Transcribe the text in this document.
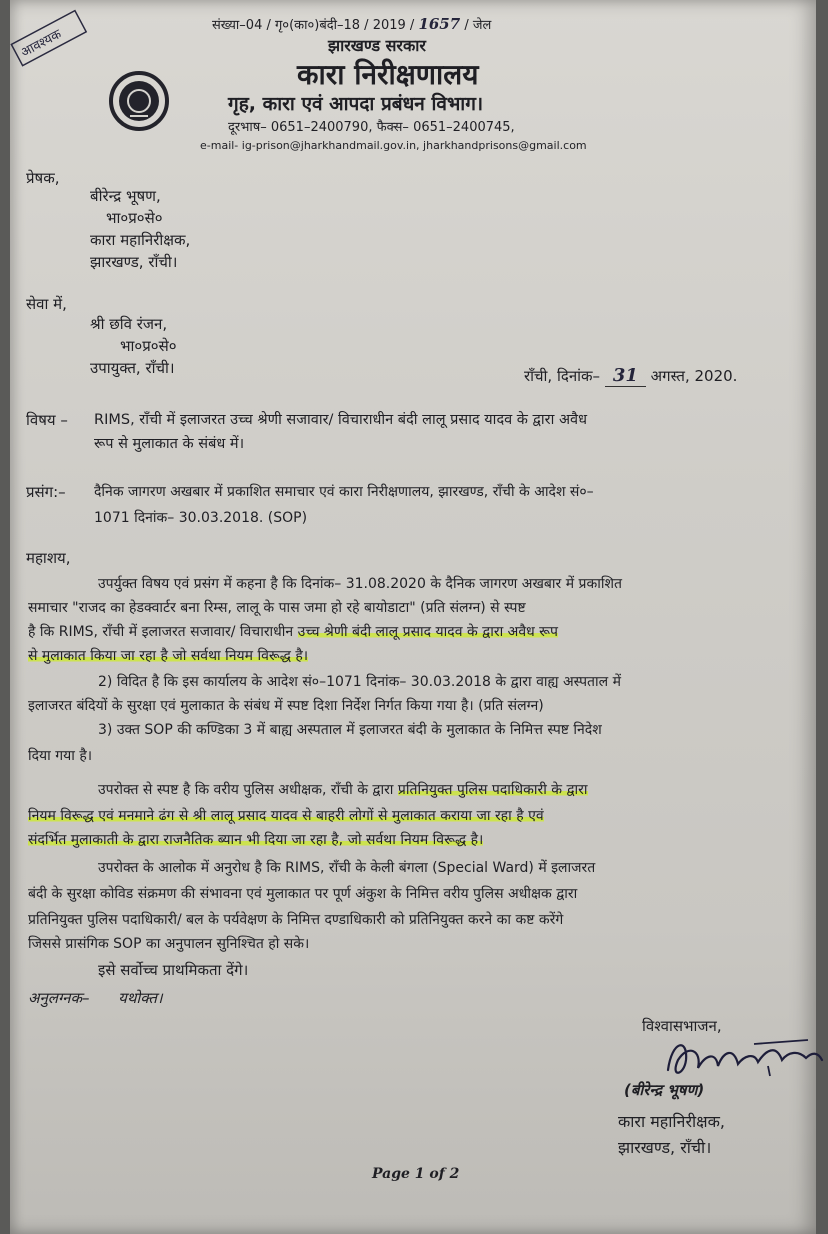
आवश्यक
संख्या–04 / गृ०(का०)बंदी–18 / 2019 / 1657 / जेल
झारखण्ड सरकार
कारा निरीक्षणालय
गृह, कारा एवं आपदा प्रबंधन विभाग।
दूरभाष– 0651–2400790, फैक्स– 0651–2400745,
e-mail- ig-prison@jharkhandmail.gov.in, jharkhandprisons@gmail.com
प्रेषक,
बीरेन्द्र भूषण,
भा०प्र०से०
कारा महानिरीक्षक,
झारखण्ड, राँची।
सेवा में,
श्री छवि रंजन,
भा०प्र०से०
उपायुक्त, राँची।	राँची, दिनांक– 31 अगस्त, 2020.
विषय – RIMS, राँची में इलाजरत उच्च श्रेणी सजावार/ विचाराधीन बंदी लालू प्रसाद यादव के द्वारा अवैध
रूप से मुलाकात के संबंध में।
प्रसंग:– दैनिक जागरण अखबार में प्रकाशित समाचार एवं कारा निरीक्षणालय, झारखण्ड, राँची के आदेश सं०–
1071 दिनांक– 30.03.2018. (SOP)
महाशय,
उपर्युक्त विषय एवं प्रसंग में कहना है कि दिनांक– 31.08.2020 के दैनिक जागरण अखबार में प्रकाशित
समाचार "राजद का हेडक्वार्टर बना रिम्स, लालू के पास जमा हो रहे बायोडाटा" (प्रति संलग्न) से स्पष्ट
है कि RIMS, राँची में इलाजरत सजावार/ विचाराधीन उच्च श्रेणी बंदी लालू प्रसाद यादव के द्वारा अवैध रूप
से मुलाकात किया जा रहा है जो सर्वथा नियम विरूद्ध है।
2) विदित है कि इस कार्यालय के आदेश सं०–1071 दिनांक– 30.03.2018 के द्वारा वाह्य अस्पताल में
इलाजरत बंदियों के सुरक्षा एवं मुलाकात के संबंध में स्पष्ट दिशा निर्देश निर्गत किया गया है। (प्रति संलग्न)
3) उक्त SOP की कण्डिका 3 में बाह्य अस्पताल में इलाजरत बंदी के मुलाकात के निमित्त स्पष्ट निदेश
दिया गया है।
उपरोक्त से स्पष्ट है कि वरीय पुलिस अधीक्षक, राँची के द्वारा प्रतिनियुक्त पुलिस पदाधिकारी के द्वारा
नियम विरूद्ध एवं मनमाने ढंग से श्री लालू प्रसाद यादव से बाहरी लोगों से मुलाकात कराया जा रहा है एवं
संदर्भित मुलाकाती के द्वारा राजनैतिक ब्यान भी दिया जा रहा है, जो सर्वथा नियम विरूद्ध है।
उपरोक्त के आलोक में अनुरोध है कि RIMS, राँची के केली बंगला (Special Ward) में इलाजरत
बंदी के सुरक्षा कोविड संक्रमण की संभावना एवं मुलाकात पर पूर्ण अंकुश के निमित्त वरीय पुलिस अधीक्षक द्वारा
प्रतिनियुक्त पुलिस पदाधिकारी/ बल के पर्यवेक्षण के निमित्त दण्डाधिकारी को प्रतिनियुक्त करने का कष्ट करेंगे
जिससे प्रासंगिक SOP का अनुपालन सुनिश्चित हो सके।
इसे सर्वोच्च प्राथमिकता देंगे।
अनुलग्नक–      यथोक्त।
विश्वासभाजन,
(बीरेन्द्र भूषण)
कारा महानिरीक्षक,
झारखण्ड, राँची।
Page 1 of 2
